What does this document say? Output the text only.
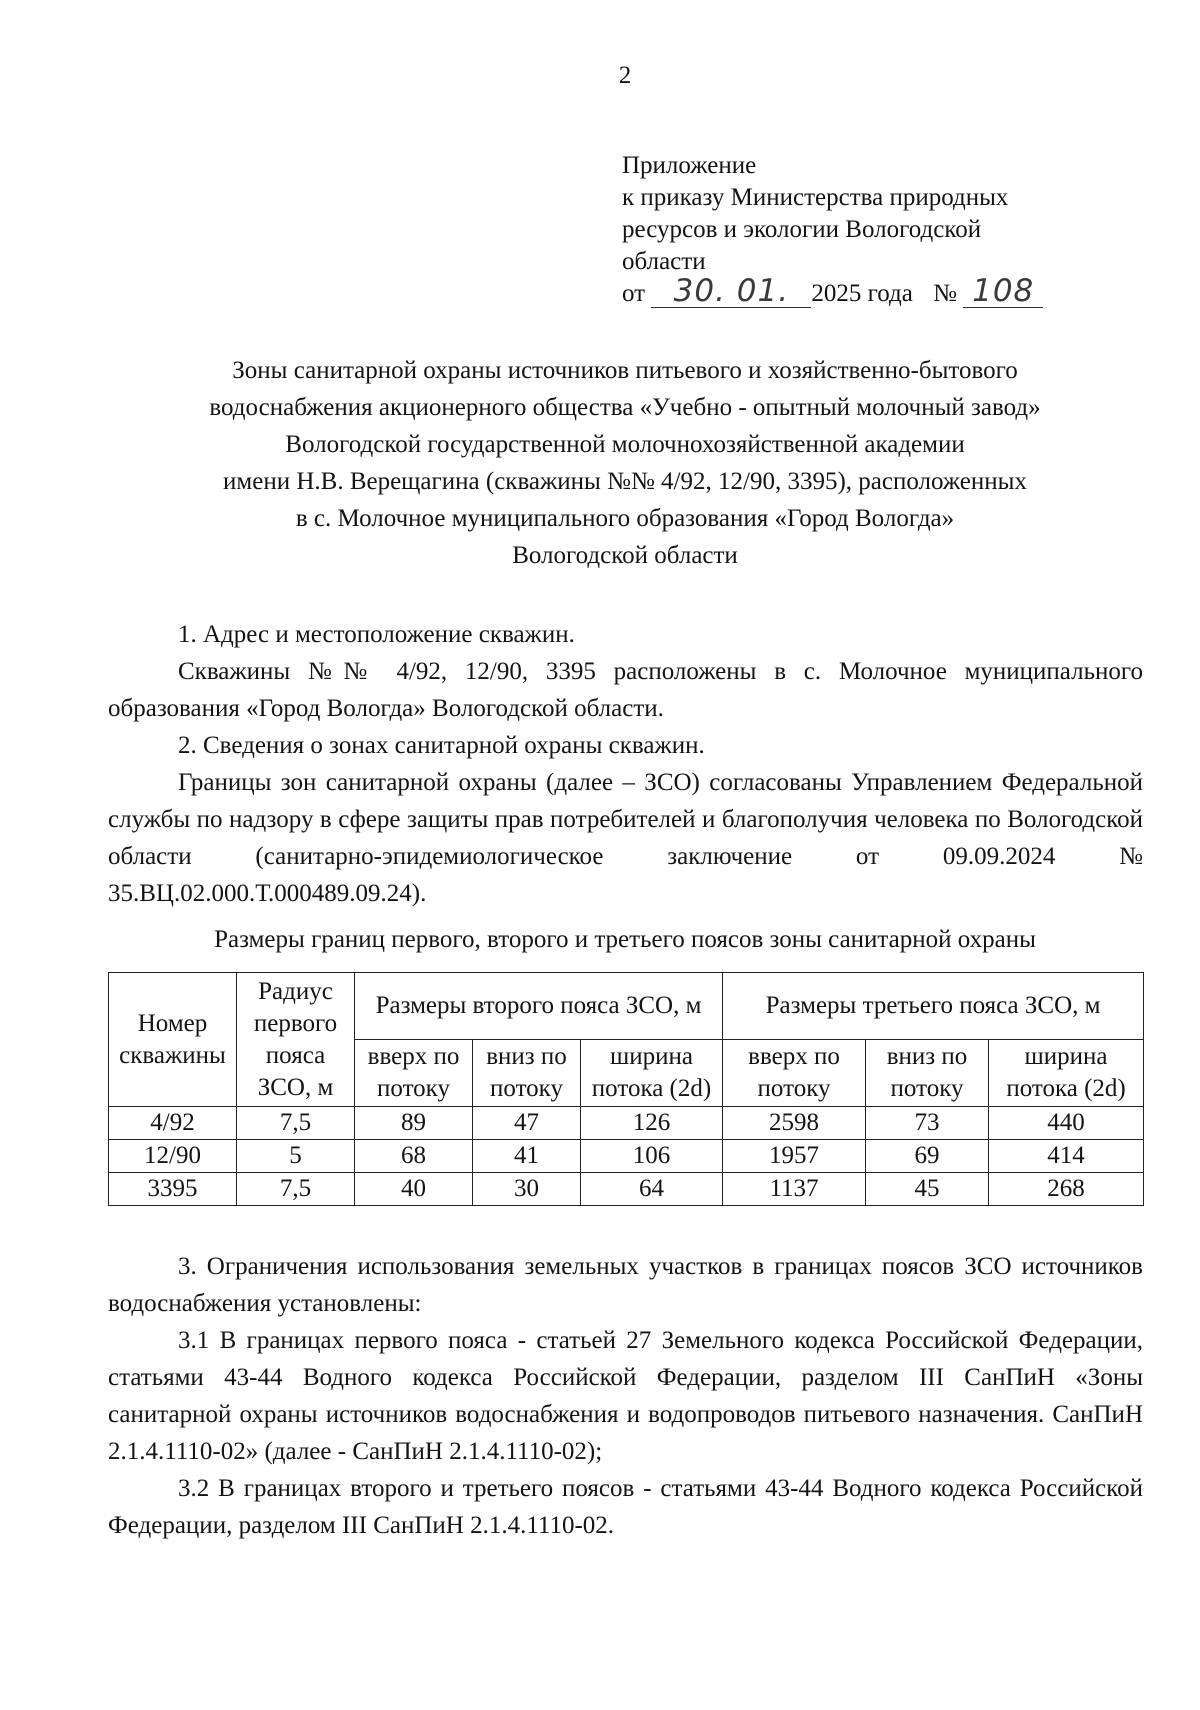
2
Приложение
к приказу Министерства природных
ресурсов и экологии Вологодской
области
от 30. 01. 2025 года № 108
Зоны санитарной охраны источников питьевого и хозяйственно-бытового
водоснабжения акционерного общества «Учебно - опытный молочный завод»
Вологодской государственной молочнохозяйственной академии
имени Н.В. Верещагина (скважины №№ 4/92, 12/90, 3395), расположенных
в с. Молочное муниципального образования «Город Вологда»
Вологодской области
1. Адрес и местоположение скважин.
Скважины №№ 4/92, 12/90, 3395 расположены в с. Молочное муниципального образования «Город Вологда» Вологодской области.
2. Сведения о зонах санитарной охраны скважин.
Границы зон санитарной охраны (далее – ЗСО) согласованы Управлением Федеральной службы по надзору в сфере защиты прав потребителей и благополучия человека по Вологодской области (санитарно-эпидемиологическое заключение от 09.09.2024 № 35.ВЦ.02.000.Т.000489.09.24).
Размеры границ первого, второго и третьего поясов зоны санитарной охраны
Номер скважины	Радиус первого пояса ЗСО, м	Размеры второго пояса ЗСО, м			Размеры третьего пояса ЗСО, м		
		вверх по потоку	вниз по потоку	ширина потока (2d)	вверх по потоку	вниз по потоку	ширина потока (2d)
4/92	7,5	89	47	126	2598	73	440
12/90	5	68	41	106	1957	69	414
3395	7,5	40	30	64	1137	45	268
3. Ограничения использования земельных участков в границах поясов ЗСО источников водоснабжения установлены:
3.1 В границах первого пояса - статьей 27 Земельного кодекса Российской Федерации, статьями 43-44 Водного кодекса Российской Федерации, разделом III СанПиН «Зоны санитарной охраны источников водоснабжения и водопроводов питьевого назначения. СанПиН 2.1.4.1110-02» (далее - СанПиН 2.1.4.1110-02);
3.2 В границах второго и третьего поясов - статьями 43-44 Водного кодекса Российской Федерации, разделом III СанПиН 2.1.4.1110-02.
